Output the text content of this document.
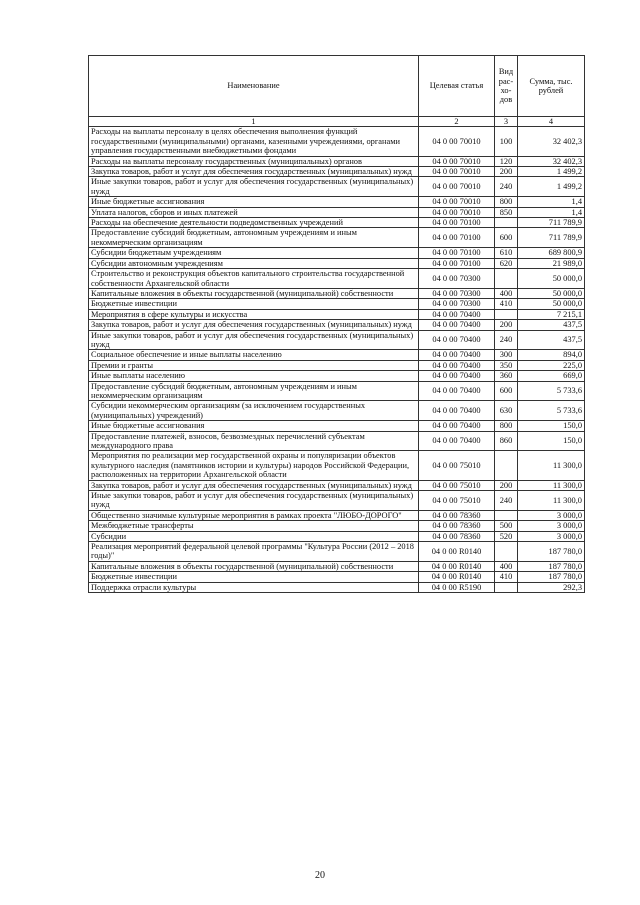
Наименование	Целевая статья	Вид рас-хо-дов	Сумма, тыс. рублей
1	2	3	4
Расходы на выплаты персоналу в целях обеспечения выполнения функций государственными (муниципальными) органами, казенными учреждениями, органами управления государственными внебюджетными фондами	04 0 00 70010	100	32 402,3
Расходы на выплаты персоналу государственных (муниципальных) органов	04 0 00 70010	120	32 402,3
Закупка товаров, работ и услуг для обеспечения государственных (муниципальных) нужд	04 0 00 70010	200	1 499,2
Иные закупки товаров, работ и услуг для обеспечения государственных (муниципальных) нужд	04 0 00 70010	240	1 499,2
Иные бюджетные ассигнования	04 0 00 70010	800	1,4
Уплата налогов, сборов и иных платежей	04 0 00 70010	850	1,4
Расходы на обеспечение деятельности подведомственных учреждений	04 0 00 70100		711 789,9
Предоставление субсидий бюджетным, автономным учреждениям и иным некоммерческим организациям	04 0 00 70100	600	711 789,9
Субсидии бюджетным учреждениям	04 0 00 70100	610	689 800,9
Субсидии автономным учреждениям	04 0 00 70100	620	21 989,0
Строительство и реконструкция объектов капитального строительства государственной собственности Архангельской области	04 0 00 70300		50 000,0
Капитальные вложения в объекты государственной (муниципальной) собственности	04 0 00 70300	400	50 000,0
Бюджетные инвестиции	04 0 00 70300	410	50 000,0
Мероприятия в сфере культуры и искусства	04 0 00 70400		7 215,1
Закупка товаров, работ и услуг для обеспечения государственных (муниципальных) нужд	04 0 00 70400	200	437,5
Иные закупки товаров, работ и услуг для обеспечения государственных (муниципальных) нужд	04 0 00 70400	240	437,5
Социальное обеспечение и иные выплаты населению	04 0 00 70400	300	894,0
Премии и гранты	04 0 00 70400	350	225,0
Иные выплаты населению	04 0 00 70400	360	669,0
Предоставление субсидий бюджетным, автономным учреждениям и иным некоммерческим организациям	04 0 00 70400	600	5 733,6
Субсидии некоммерческим организациям (за исключением государственных (муниципальных) учреждений)	04 0 00 70400	630	5 733,6
Иные бюджетные ассигнования	04 0 00 70400	800	150,0
Предоставление платежей, взносов, безвозмездных перечислений субъектам международного права	04 0 00 70400	860	150,0
Мероприятия по реализации мер государственной охраны и популяризации объектов культурного наследия (памятников истории и культуры) народов Российской Федерации, расположенных на территории Архангельской области	04 0 00 75010		11 300,0
Закупка товаров, работ и услуг для обеспечения государственных (муниципальных) нужд	04 0 00 75010	200	11 300,0
Иные закупки товаров, работ и услуг для обеспечения государственных (муниципальных) нужд	04 0 00 75010	240	11 300,0
Общественно значимые культурные мероприятия в рамках проекта "ЛЮБО-ДОРОГО"	04 0 00 78360		3 000,0
Межбюджетные трансферты	04 0 00 78360	500	3 000,0
Субсидии	04 0 00 78360	520	3 000,0
Реализация мероприятий федеральной целевой программы "Культура России (2012 – 2018 годы)"	04 0 00 R0140		187 780,0
Капитальные вложения в объекты государственной (муниципальной) собственности	04 0 00 R0140	400	187 780,0
Бюджетные инвестиции	04 0 00 R0140	410	187 780,0
Поддержка отрасли культуры	04 0 00 R5190		292,3
20
